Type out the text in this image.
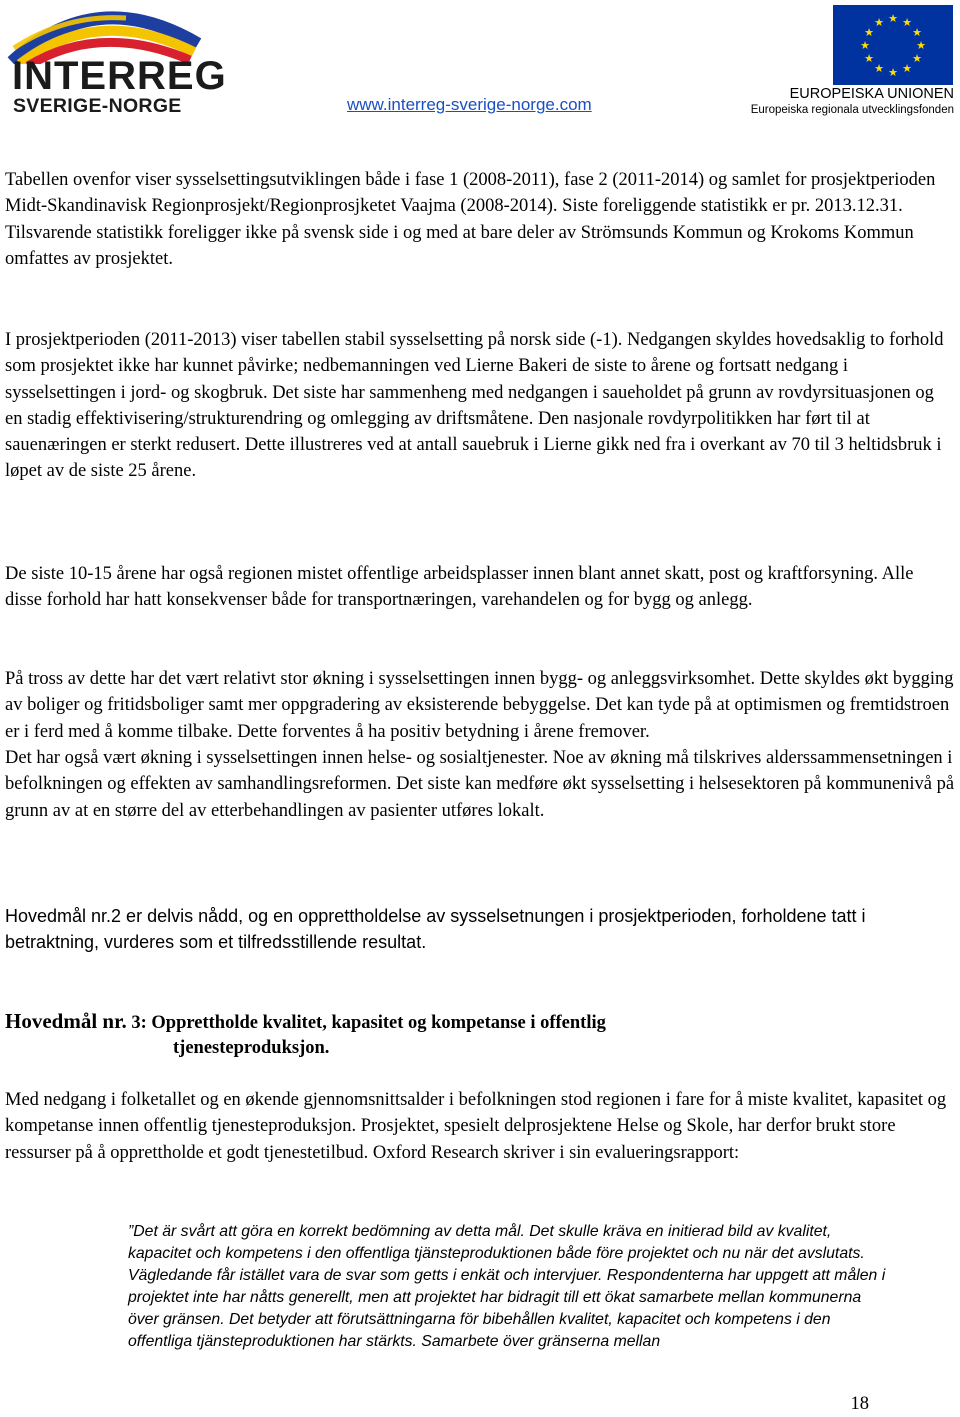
INTERREG
SVERIGE-NORGE	www.interreg-sverige-norge.com
★ ★
★
★
★
★
★
★
★
★
★
★
EUROPEISKA UNIONEN
Europeiska regionala utvecklingsfonden

Tabellen ovenfor viser sysselsettingsutviklingen både i fase 1 (2008-2011), fase 2 (2011-2014) og samlet for prosjektperioden Midt-Skandinavisk Regionprosjekt/Regionprosjketet Vaajma (2008-2014). Siste foreliggende statistikk er pr. 2013.12.31. Tilsvarende statistikk foreligger ikke på svensk side i og med at bare deler av Strömsunds Kommun og Krokoms Kommun omfattes av prosjektet.

I prosjektperioden (2011-2013) viser tabellen stabil sysselsetting på norsk side (-1). Nedgangen skyldes hovedsaklig to forhold som prosjektet ikke har kunnet påvirke; nedbemanningen ved Lierne Bakeri de siste to årene og fortsatt nedgang i sysselsettingen i jord- og skogbruk. Det siste har sammenheng med nedgangen i saueholdet på grunn av rovdyrsituasjonen og en stadig effektivisering/strukturendring og omlegging av driftsmåtene. Den nasjonale rovdyrpolitikken har ført til at sauenæringen er sterkt redusert. Dette illustreres ved at antall sauebruk i Lierne gikk ned fra i overkant av 70 til 3 heltidsbruk i løpet av de siste 25 årene.

De siste 10-15 årene har også regionen mistet offentlige arbeidsplasser innen blant annet skatt, post og kraftforsyning. Alle disse forhold har hatt konsekvenser både for transportnæringen, varehandelen og for bygg og anlegg.

På tross av dette har det vært relativt stor økning i sysselsettingen innen bygg- og anleggsvirksomhet. Dette skyldes økt bygging av boliger og fritidsboliger samt mer oppgradering av eksisterende bebyggelse. Det kan tyde på at optimismen og fremtidstroen er i ferd med å komme tilbake. Dette forventes å ha positiv betydning i årene fremover.

Det har også vært økning i sysselsettingen innen helse- og sosialtjenester. Noe av økning må tilskrives alderssammensetningen i befolkningen og effekten av samhandlingsreformen. Det siste kan medføre økt sysselsetting i helsesektoren på kommunenivå på grunn av at en større del av etterbehandlingen av pasienter utføres lokalt.

Hovedmål nr.2 er delvis nådd, og en opprettholdelse av sysselsetnungen i prosjektperioden, forholdene tatt i betraktning, vurderes som et tilfredsstillende resultat.

Hovedmål nr. 3: Opprettholde kvalitet, kapasitet og kompetanse i offentlig
tjenesteproduksjon.

Med nedgang i folketallet og en økende gjennomsnittsalder i befolkningen stod regionen i fare for å miste kvalitet, kapasitet og kompetanse innen offentlig tjenesteproduksjon. Prosjektet, spesielt delprosjektene Helse og Skole, har derfor brukt store ressurser på å opprettholde et godt tjenestetilbud. Oxford Research skriver i sin evalueringsrapport:

”Det är svårt att göra en korrekt bedömning av detta mål. Det skulle kräva en initierad bild av kvalitet, kapacitet och kompetens i den offentliga tjänsteproduktionen både före projektet och nu när det avslutats. Vägledande får istället vara de svar som getts i enkät och intervjuer. Respondenterna har uppgett att målen i projektet inte har nåtts generellt, men att projektet har bidragit till ett ökat samarbete mellan kommunerna över gränsen. Det betyder att förutsättningarna för bibehållen kvalitet, kapacitet och kompetens i den offentliga tjänsteproduktionen har stärkts. Samarbete över gränserna mellan
18
